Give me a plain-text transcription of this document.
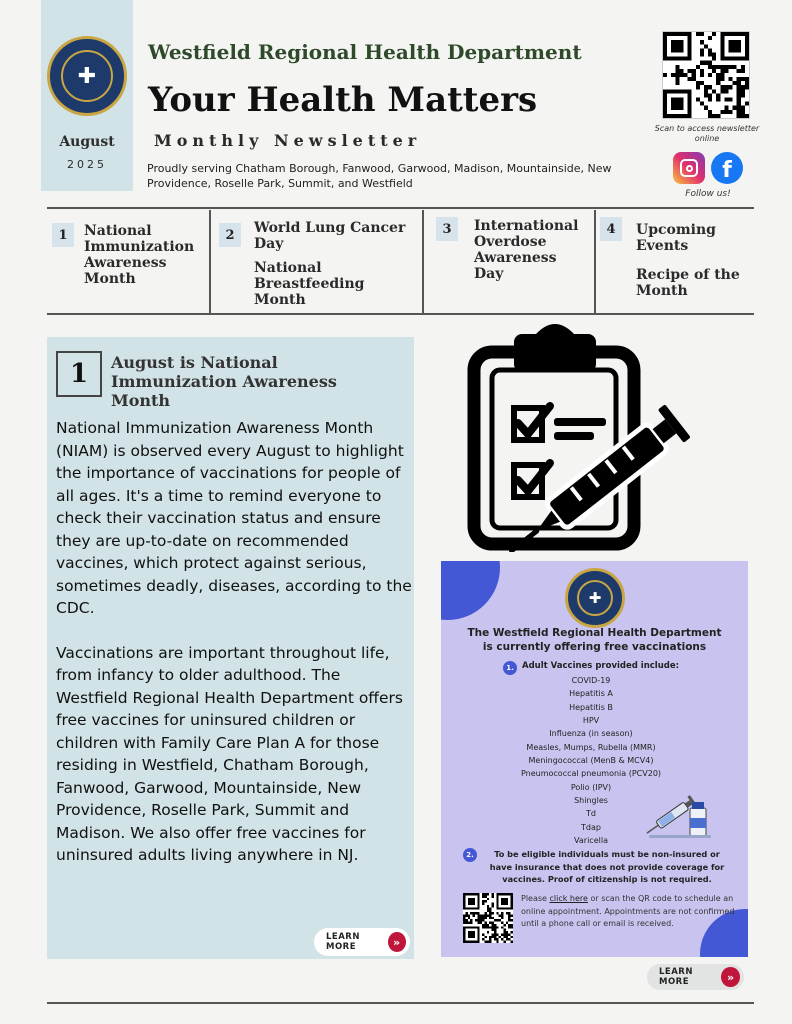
✚
August
2025
Westfield Regional Health Department
Your Health Matters
Monthly Newsletter
Proudly serving Chatham Borough, Fanwood, Garwood, Madison, Mountainside, New Providence, Roselle Park, Summit, and Westfield
Scan to access newsletter online
f
Follow us!
1	National Immunization Awareness Month
2	World Lung Cancer Day
National Breastfeeding Month
3	International Overdose Awareness Day
4	Upcoming Events
Recipe of the Month
1	August is National Immunization Awareness Month

National Immunization Awareness Month (NIAM) is observed every August to highlight the importance of vaccinations for people of all ages. It's a time to remind everyone to check their vaccination status and ensure they are up-to-date on recommended vaccines, which protect against serious, sometimes deadly, diseases, according to the CDC.

Vaccinations are important throughout life, from infancy to older adulthood. The Westfield Regional Health Department offers free vaccines for uninsured children or children with Family Care Plan A for those residing in Westfield, Chatham Borough, Fanwood, Garwood, Mountainside, New Providence, Roselle Park, Summit and Madison. We also offer free vaccines for uninsured adults living anywhere in NJ.

LEARN MORE	»
✚
The Westfield Regional Health Department
is currently offering free vaccinations
1. Adult Vaccines provided include:
COVID-19
Hepatitis A
Hepatitis B
HPV
Influenza (in season)
Measles, Mumps, Rubella (MMR)
Meningococcal (MenB & MCV4)
Pneumococcal pneumonia (PCV20)
Polio (IPV)
Shingles
Td
Tdap
Varicella
2.	To be eligible individuals must be non-insured or have insurance that does not provide coverage for vaccines. Proof of citizenship is not required.
Please click here or scan the QR code to schedule an online appointment. Appointments are not confirmed until a phone call or email is received.
LEARN MORE	»
